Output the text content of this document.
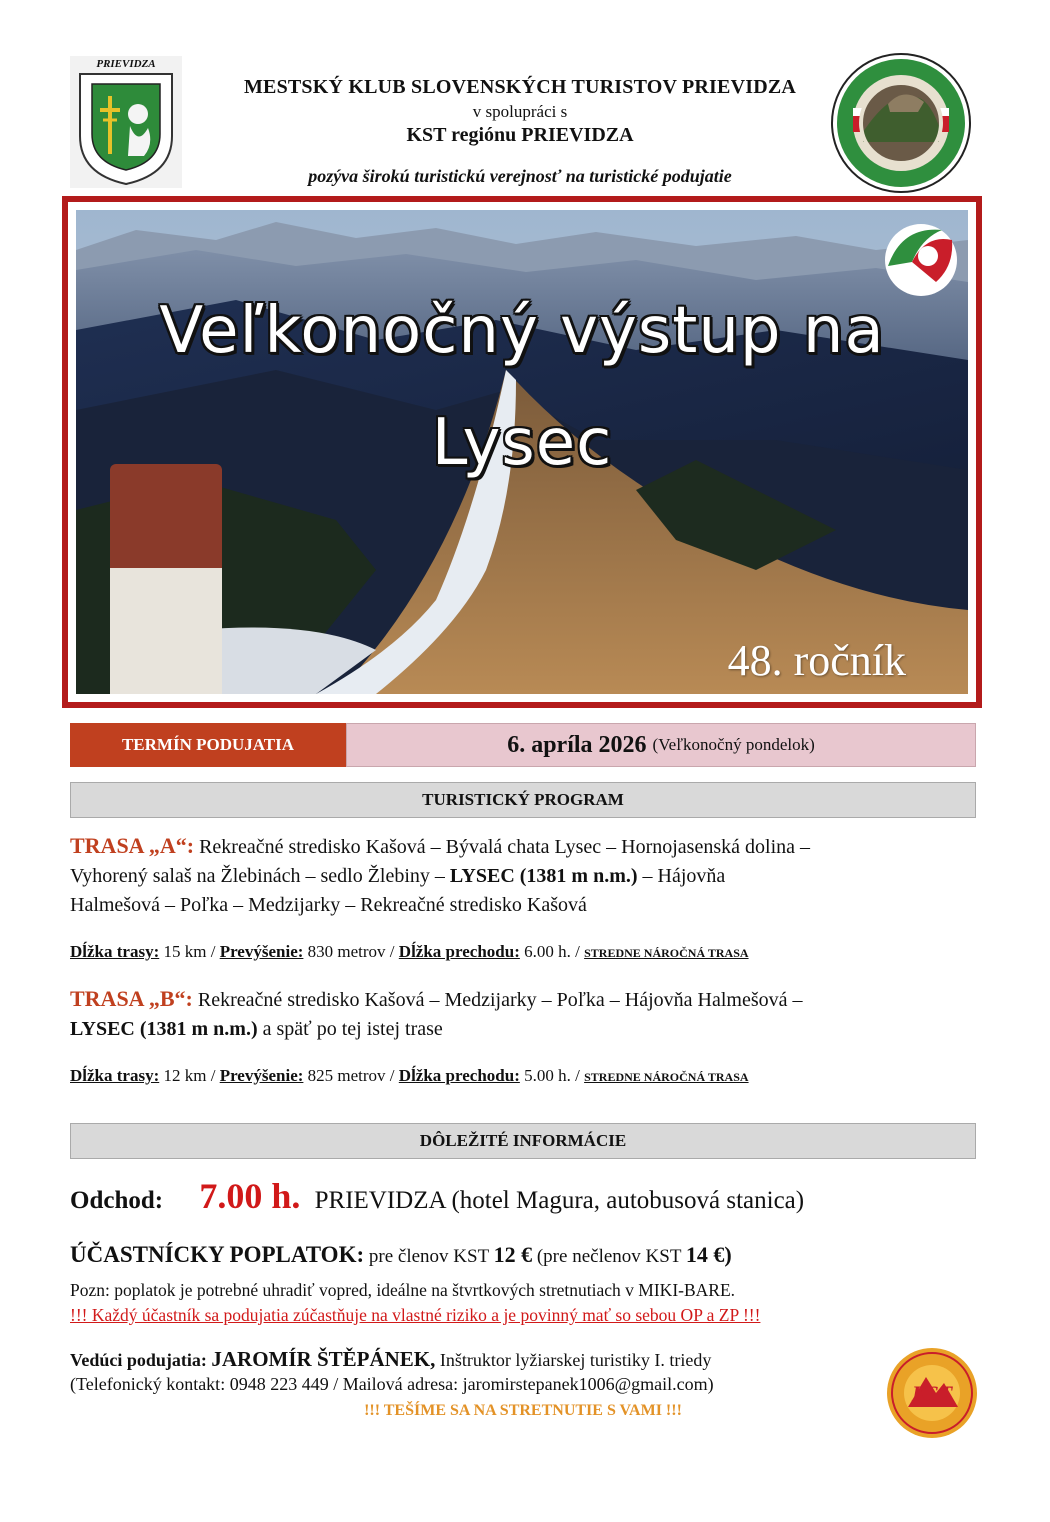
PRIEVIDZA
MESTSKÝ KLUB SLOVENSKÝCH TURISTOV PRIEVIDZA
v spolupráci s
KST regiónu PRIEVIDZA
pozýva širokú turistickú verejnosť na turistické podujatie
Veľkonočný výstup na
Lysec
48. ročník
TERMÍN PODUJATIA	6. apríla 2026 (Veľkonočný pondelok)
TURISTICKÝ PROGRAM
TRASA „A“: Rekreačné stredisko Kašová – Bývalá chata Lysec – Hornojasenská dolina –
Vyhorený salaš na Žlebinách – sedlo Žlebiny – LYSEC (1381 m n.m.) – Hájovňa
Halmešová – Poľka – Medzijarky – Rekreačné stredisko Kašová
Dĺžka trasy: 15 km / Prevýšenie: 830 metrov / Dĺžka prechodu: 6.00 h. / STREDNE NÁROČNÁ TRASA
TRASA „B“: Rekreačné stredisko Kašová – Medzijarky – Poľka – Hájovňa Halmešová –
LYSEC (1381 m n.m.) a späť po tej istej trase
Dĺžka trasy: 12 km / Prevýšenie: 825 metrov / Dĺžka prechodu: 5.00 h. / STREDNE NÁROČNÁ TRASA
DÔLEŽITÉ INFORMÁCIE
Odchod: 7.00 h. PRIEVIDZA (hotel Magura, autobusová stanica)
ÚČASTNÍCKY POPLATOK: pre členov KST 12 € (pre nečlenov KST 14 €)
Pozn: poplatok je potrebné uhradiť vopred, ideálne na štvrtkových stretnutiach v MIKI-BARE.
!!! Každý účastník sa podujatia zúčastňuje na vlastné riziko a je povinný mať so sebou OP a ZP !!!
Vedúci podujatia: JAROMÍR ŠTĚPÁNEK, Inštruktor lyžiarskej turistiky I. triedy
(Telefonický kontakt: 0948 223 449 / Mailová adresa: jaromirstepanek1006@gmail.com)
!!! TEŠÍME SA NA STRETNUTIE S VAMI !!!
KST
